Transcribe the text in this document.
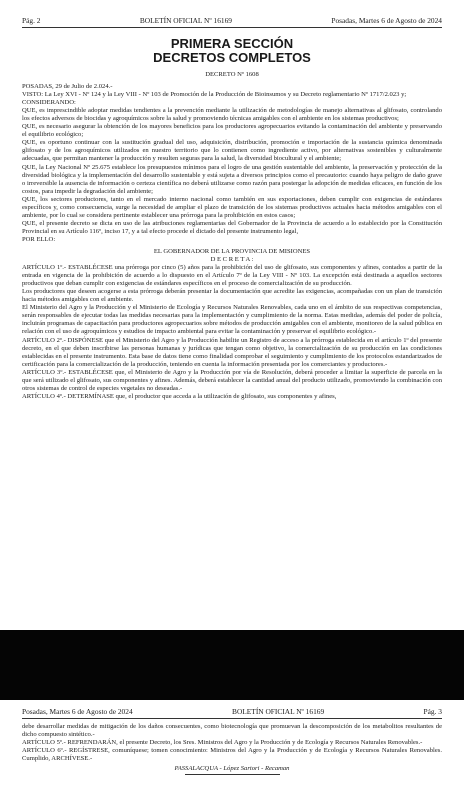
Pág. 2	BOLETÍN OFICIAL Nº 16169	Posadas, Martes 6 de Agosto de 2024
PRIMERA SECCIÓN
DECRETOS COMPLETOS

DECRETO Nº 1608

POSADAS, 29 de Julio de 2.024.-

VISTO: La Ley XVI - Nº 124 y la Ley VIII - Nº 103 de Promoción de la Producción de Bioinsumos y su Decreto reglamentario Nº 1717/2.023 y;

CONSIDERANDO:

QUE, es imprescindible adoptar medidas tendientes a la prevención mediante la utilización de metodologías de manejo alternativas al glifosato, controlando los efectos adversos de biocidas y agroquímicos sobre la salud y promoviendo técnicas amigables con el ambiente en los sistemas productivos;

QUE, es necesario asegurar la obtención de los mayores beneficios para los productores agropecuarios evitando la contaminación del ambiente y preservando el equilibrio ecológico;

QUE, es oportuno continuar con la sustitución gradual del uso, adquisición, distribución, promoción e importación de la sustancia química denominada glifosato y de los agroquímicos utilizados en nuestro territorio que lo contienen como ingrediente activo, por alternativas sostenibles y culturalmente adecuadas, que permitan mantener la producción y resulten seguras para la salud, la diversidad biocultural y el ambiente;

QUE, la Ley Nacional Nº 25.675 establece los presupuestos mínimos para el logro de una gestión sustentable del ambiente, la preservación y protección de la diversidad biológica y la implementación del desarrollo sustentable y está sujeta a diversos principios como el precautorio: cuando haya peligro de daño grave o irreversible la ausencia de información o certeza científica no deberá utilizarse como razón para postergar la adopción de medidas eficaces, en función de los costos, para impedir la degradación del ambiente;

QUE, los sectores productores, tanto en el mercado interno nacional como también en sus exportaciones, deben cumplir con exigencias de estándares específicos y, como consecuencia, surge la necesidad de ampliar el plazo de transición de los sistemas productivos actuales hacia métodos amigables con el ambiente, por lo cual se considera pertinente establecer una prórroga para la prohibición en estos casos;

QUE, el presente decreto se dicta en uso de las atribuciones reglamentarias del Gobernador de la Provincia de acuerdo a lo establecido por la Constitución Provincial en su Artículo 116º, inciso 17, y a tal efecto procede el dictado del presente instrumento legal,

POR ELLO:

EL GOBERNADOR DE LA PROVINCIA DE MISIONES

D E C R E T A :

ARTÍCULO 1º.- ESTABLÉCESE una prórroga por cinco (5) años para la prohibición del uso de glifosato, sus componentes y afines, contados a partir de la entrada en vigencia de la prohibición de acuerdo a lo dispuesto en el Artículo 7º de la Ley VIII - Nº 103. La excepción está destinada a aquellos sectores productivos que deban cumplir con exigencias de estándares específicos en el proceso de comercialización de su producción.

Los productores que deseen acogerse a esta prórroga deberán presentar la documentación que acredite las exigencias, acompañadas con un plan de transición hacia métodos amigables con el ambiente.

El Ministerio del Agro y la Producción y el Ministerio de Ecología y Recursos Naturales Renovables, cada uno en el ámbito de sus respectivas competencias, serán responsables de ejecutar todas las medidas necesarias para la implementación y cumplimiento de la norma. Estas medidas, además del poder de policía, incluirán programas de capacitación para productores agropecuarios sobre métodos de producción amigables con el ambiente, monitoreo de la salud pública en relación con el uso de agroquímicos y estudios de impacto ambiental para evitar la contaminación y preservar el equilibrio ecológico.-

ARTÍCULO 2º.- DISPÓNESE que el Ministerio del Agro y la Producción habilite un Registro de acceso a la prórroga establecida en el artículo 1º del presente decreto, en el que deben inscribirse las personas humanas y jurídicas que tengan como objetivo, la comercialización de su producción en las condiciones establecidas en el presente instrumento. Esta base de datos tiene como finalidad comprobar el seguimiento y cumplimiento de los protocolos estandarizados de certificación para la comercialización de la producción, teniendo en cuenta la información presentada por los comerciantes y productores.-

ARTÍCULO 3º.- ESTABLÉCESE que, el Ministerio de Agro y la Producción por vía de Resolución, deberá proceder a limitar la superficie de parcela en la que será utilizado el glifosato, sus componentes y afines. Además, deberá establecer la cantidad anual del producto utilizado, promoviendo la combinación con otros sistemas de control de especies vegetales no deseadas.-

ARTÍCULO 4º.- DETERMÍNASE que, el productor que acceda a la utilización de glifosato, sus componentes y afines,

Posadas, Martes 6 de Agosto de 2024	BOLETÍN OFICIAL Nº 16169	Pág. 3

debe desarrollar medidas de mitigación de los daños consecuentes, como biotecnología que promuevan la descomposición de los metabolitos resultantes de dicho compuesto sintético.-

ARTÍCULO 5º.- REFRENDARÁN, el presente Decreto, los Sres. Ministros del Agro y la Producción y de Ecología y Recursos Naturales Renovables.-

ARTÍCULO 6º.- REGÍSTRESE, comuníquese; tomen conocimiento: Ministros del Agro y la Producción y de Ecología y Recursos Naturales Renovables. Cumplido, ARCHÍVESE.-

PASSALACQUA - López Sartori - Recaman
